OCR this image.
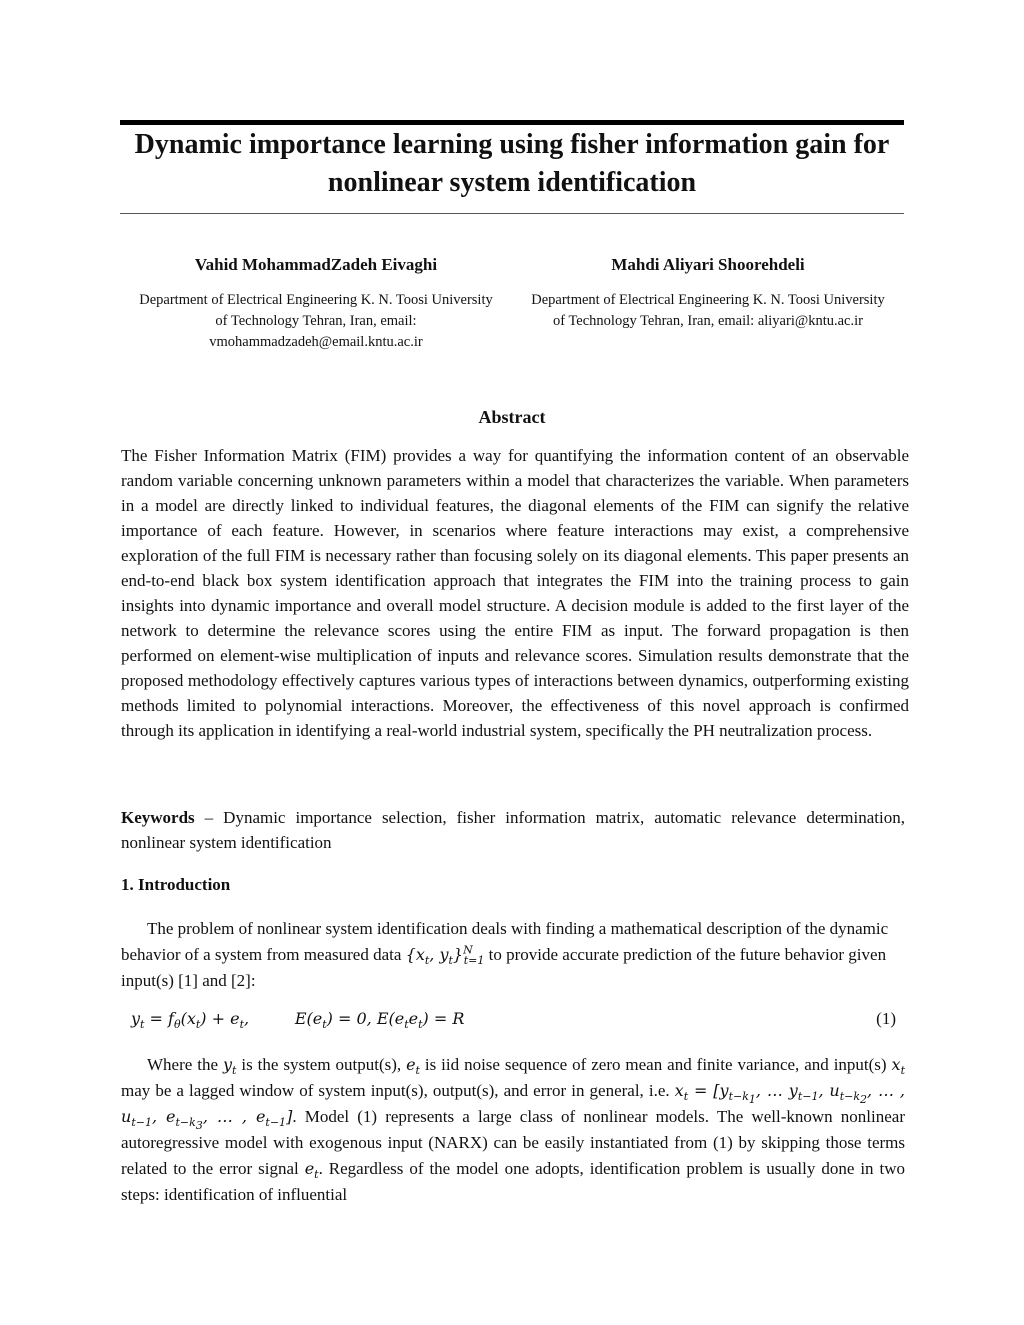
Dynamic importance learning using fisher information gain for nonlinear system identification

Vahid MohammadZadeh Eivaghi

Department of Electrical Engineering K. N. Toosi University of Technology Tehran, Iran, email: vmohammadzadeh@email.kntu.ac.ir

Mahdi Aliyari Shoorehdeli

Department of Electrical Engineering K. N. Toosi University of Technology Tehran, Iran, email: aliyari@kntu.ac.ir

Abstract

The Fisher Information Matrix (FIM) provides a way for quantifying the information content of an observable random variable concerning unknown parameters within a model that characterizes the variable. When parameters in a model are directly linked to individual features, the diagonal elements of the FIM can signify the relative importance of each feature. However, in scenarios where feature interactions may exist, a comprehensive exploration of the full FIM is necessary rather than focusing solely on its diagonal elements. This paper presents an end-to-end black box system identification approach that integrates the FIM into the training process to gain insights into dynamic importance and overall model structure. A decision module is added to the first layer of the network to determine the relevance scores using the entire FIM as input. The forward propagation is then performed on element-wise multiplication of inputs and relevance scores. Simulation results demonstrate that the proposed methodology effectively captures various types of interactions between dynamics, outperforming existing methods limited to polynomial interactions. Moreover, the effectiveness of this novel approach is confirmed through its application in identifying a real-world industrial system, specifically the PH neutralization process.

Keywords – Dynamic importance selection, fisher information matrix, automatic relevance determination, nonlinear system identification

1. Introduction

The problem of nonlinear system identification deals with finding a mathematical description of the dynamic behavior of a system from measured data {$x_t$, $y_t\}^N_{t=1}$ to provide accurate prediction of the future behavior given input(s) [1] and [2]:

$y_t = f_\theta(x_t) + e_t$,         $E(e_t) = 0$, $E(e_te_t) = R$	(1)

Where the $y_t$ is the system output(s), $e_t$ is iid noise sequence of zero mean and finite variance, and input(s) $x_t$ may be a lagged window of system input(s), output(s), and error in general, i.e. $x_t = [y_{t-k_1}$, … $y_{t-1}$, $u_{t-k_2}$, … , $u_{t-1}$, $e_{t-k_3}$, … , $e_{t-1}$]. Model (1) represents a large class of nonlinear models. The well-known nonlinear autoregressive model with exogenous input (NARX) can be easily instantiated from (1) by skipping those terms related to the error signal $e_t$. Regardless of the model one adopts, identification problem is usually done in two steps: identification of influential
